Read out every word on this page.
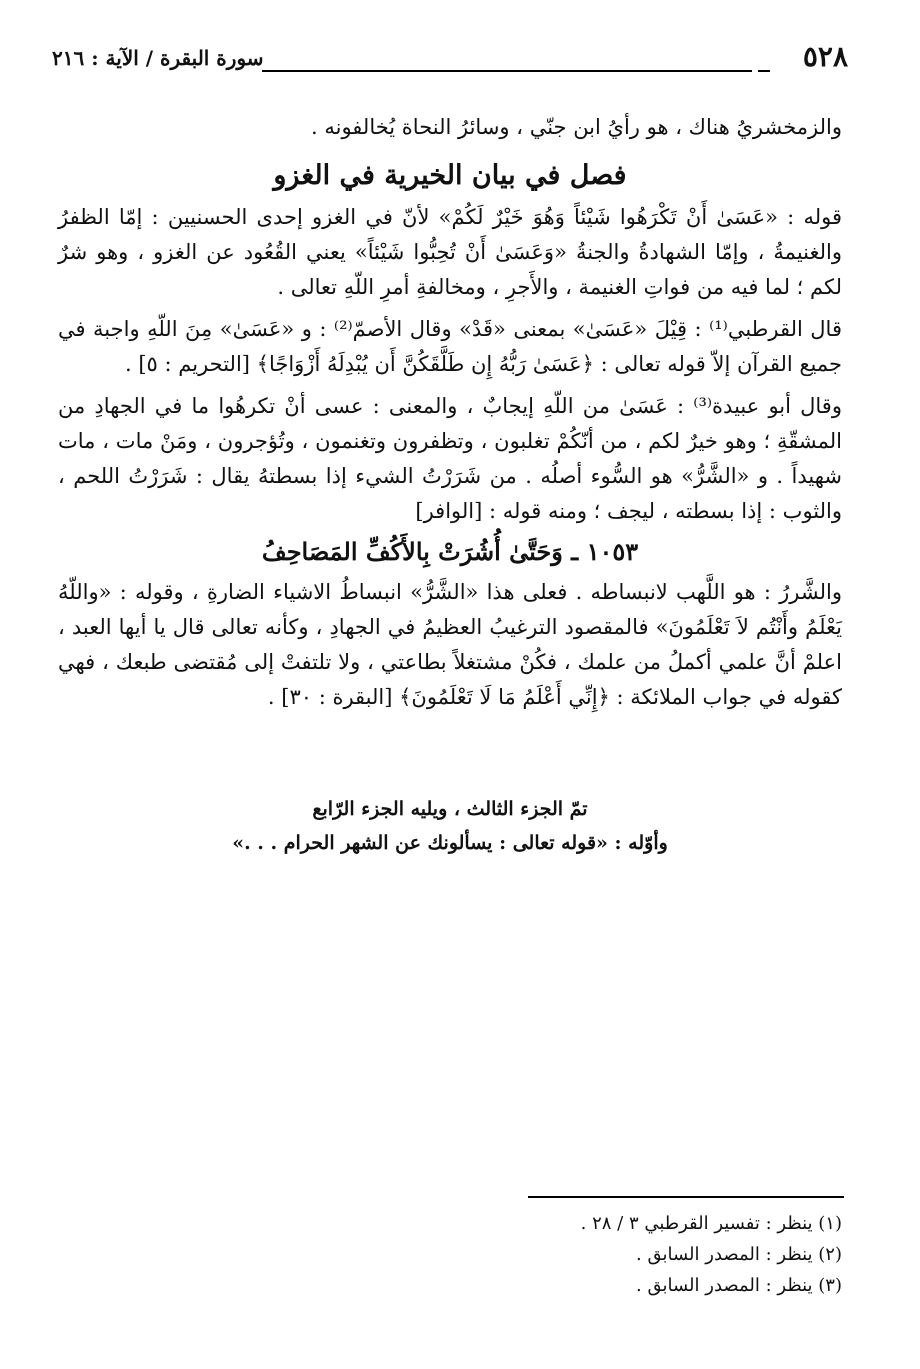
٥٢٨
سورة البقرة / الآية : ٢١٦

والزمخشريُ هناك ، هو رأيُ ابن جنّي ، وسائرُ النحاة يُخالفونه .

فصل في بيان الخيرية في الغزو

قوله : «عَسَىٰ أَنْ تَكْرَهُوا شَيْئاً وَهُوَ خَيْرٌ لَكُمْ» لأنّ في الغزو إحدى الحسنيين : إمّا الظفرُ والغنيمةُ ، وإمّا الشهادةُ والجنةُ «وَعَسَىٰ أَنْ تُحِبُّوا شَيْئاً» يعني القُعُود عن الغزو ، وهو شرٌ لكم ؛ لما فيه من فواتِ الغنيمة ، والأَجرِ ، ومخالفةِ أمرِ اللّهِ تعالى .

قال القرطبي⁽¹⁾ : قِيْلَ «عَسَىٰ» بمعنى «قَدْ» وقال الأصمّ⁽²⁾ : و «عَسَىٰ» مِنَ اللّهِ واجبة في جميع القرآن إلاّ قوله تعالى : ﴿عَسَىٰ رَبُّهُ إِن طَلَّقَكُنَّ أَن يُبْدِلَهُ أَزْوَاجًا﴾ [التحريم : ٥] .

وقال أبو عبيدة⁽³⁾ : عَسَىٰ من اللّهِ إيجابٌ ، والمعنى : عسى أنْ تكرهُوا ما في الجهادِ من المشقّةِ ؛ وهو خيرٌ لكم ، من أنّكُمْ تغلبون ، وتظفرون وتغنمون ، وتُؤجرون ، ومَنْ مات ، مات شهيداً . و «الشَّرُّ» هو السُّوء أصلُه . من شَرَرْتُ الشيء إذا بسطتهُ يقال : شَرَرْتُ اللحم ، والثوب : إذا بسطته ، ليجف ؛ ومنه قوله : [الوافر]

١٠٥٣ ـ وَحَتَّىٰ أُشُرَتْ بِالأَكُفِّ المَصَاحِفُ

والشَّررُ : هو اللَّهب لانبساطه . فعلى هذا «الشَّرُّ» انبساطُ الاشياء الضارةِ ، وقوله : «واللّهُ يَعْلَمُ وأَنْتُم لاَ تَعْلَمُونَ» فالمقصود الترغيبُ العظيمُ في الجهادِ ، وكأنه تعالى قال يا أيها العبد ، اعلمْ أنَّ علمي أكملُ من علمك ، فكُنْ مشتغلاً بطاعتي ، ولا تلتفتْ إلى مُقتضى طبعك ، فهي كقوله في جواب الملائكة : ﴿إِنِّي أَعْلَمُ مَا لَا تَعْلَمُونَ﴾ [البقرة : ٣٠] .

تمّ الجزء الثالث ، ويليه الجزء الرّابع
وأوّله : «قوله تعالى : يسألونك عن الشهر الحرام . . .»
(١) ينظر : تفسير القرطبي ٣ / ٢٨ .
(٢) ينظر : المصدر السابق .
(٣) ينظر : المصدر السابق .
